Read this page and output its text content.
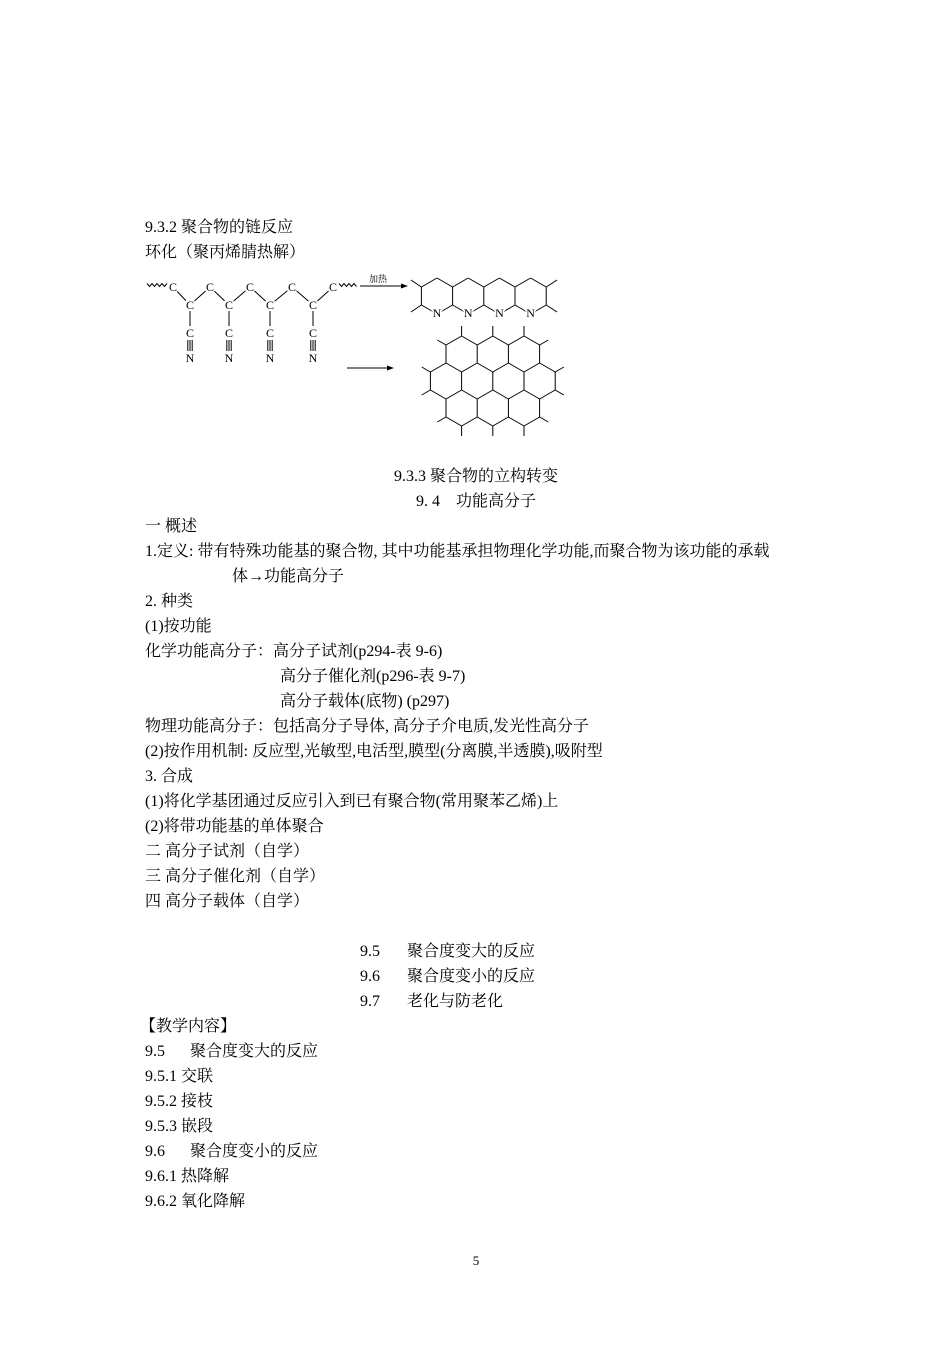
9.3.2 聚合物的链反应
环化（聚丙烯腈热解）
C C	C	C	C
C
C
N
C
C
N
C
C
N
C
C
N
N N N N
加热
9.3.3 聚合物的立构转变
9. 4　功能高分子
一 概述
1.定义: 带有特殊功能基的聚合物, 其中功能基承担物理化学功能,而聚合物为该功能的承载
体→功能高分子
2. 种类
(1)按功能
化学功能高分子：高分子试剂(p294-表 9-6)
高分子催化剂(p296-表 9-7)
高分子载体(底物) (p297)
物理功能高分子：包括高分子导体, 高分子介电质,发光性高分子
(2)按作用机制: 反应型,光敏型,电活型,膜型(分离膜,半透膜),吸附型
3. 合成
(1)将化学基团通过反应引入到已有聚合物(常用聚苯乙烯)上
(2)将带功能基的单体聚合
二 高分子试剂（自学）
三 高分子催化剂（自学）
四 高分子载体（自学）
9.5 聚合度变大的反应
9.6 聚合度变小的反应
9.7 老化与防老化
【教学内容】
9.5 聚合度变大的反应
9.5.1 交联
9.5.2 接枝
9.5.3 嵌段
9.6 聚合度变小的反应
9.6.1 热降解
9.6.2 氧化降解
5
